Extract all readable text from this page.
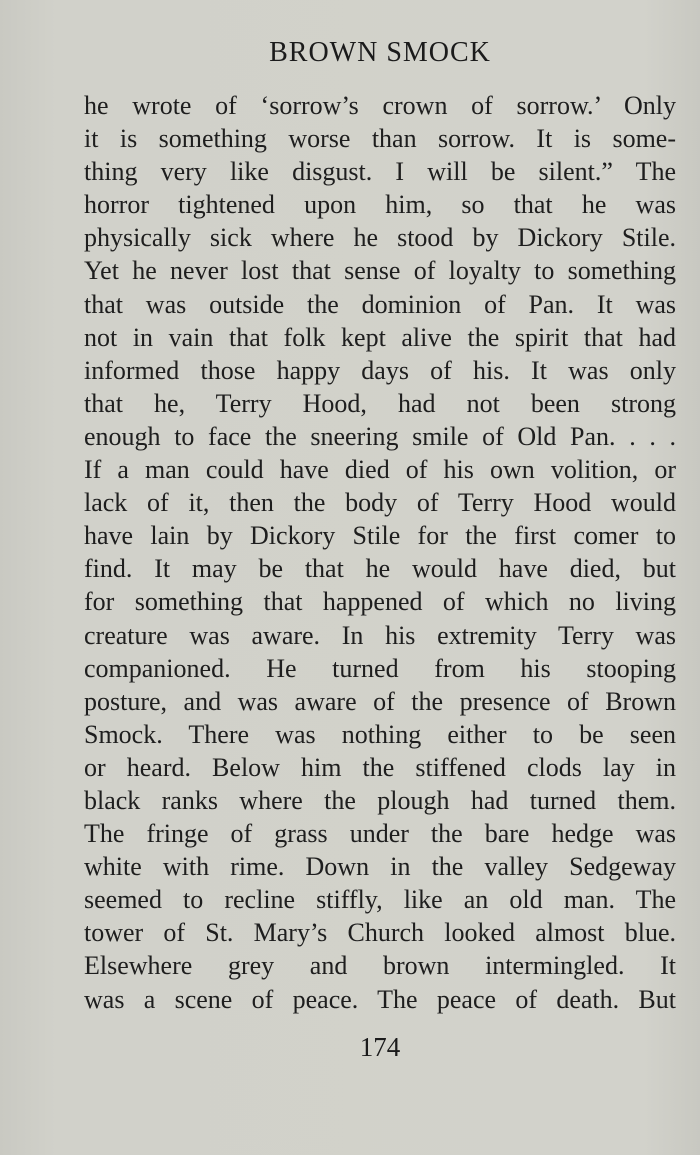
BROWN SMOCK
he wrote of ‘sorrow’s crown of sorrow.’ Only
it is something worse than sorrow. It is some-
thing very like disgust. I will be silent.” The
horror tightened upon him, so that he was
physically sick where he stood by Dickory Stile.
Yet he never lost that sense of loyalty to something
that was outside the dominion of Pan. It was
not in vain that folk kept alive the spirit that had
informed those happy days of his. It was only
that he, Terry Hood, had not been strong
enough to face the sneering smile of Old Pan. . . .
If a man could have died of his own volition, or
lack of it, then the body of Terry Hood would
have lain by Dickory Stile for the first comer to
find. It may be that he would have died, but
for something that happened of which no living
creature was aware. In his extremity Terry was
companioned. He turned from his stooping
posture, and was aware of the presence of Brown
Smock. There was nothing either to be seen
or heard. Below him the stiffened clods lay in
black ranks where the plough had turned them.
The fringe of grass under the bare hedge was
white with rime. Down in the valley Sedgeway
seemed to recline stiffly, like an old man. The
tower of St. Mary’s Church looked almost blue.
Elsewhere grey and brown intermingled. It
was a scene of peace. The peace of death. But
174
